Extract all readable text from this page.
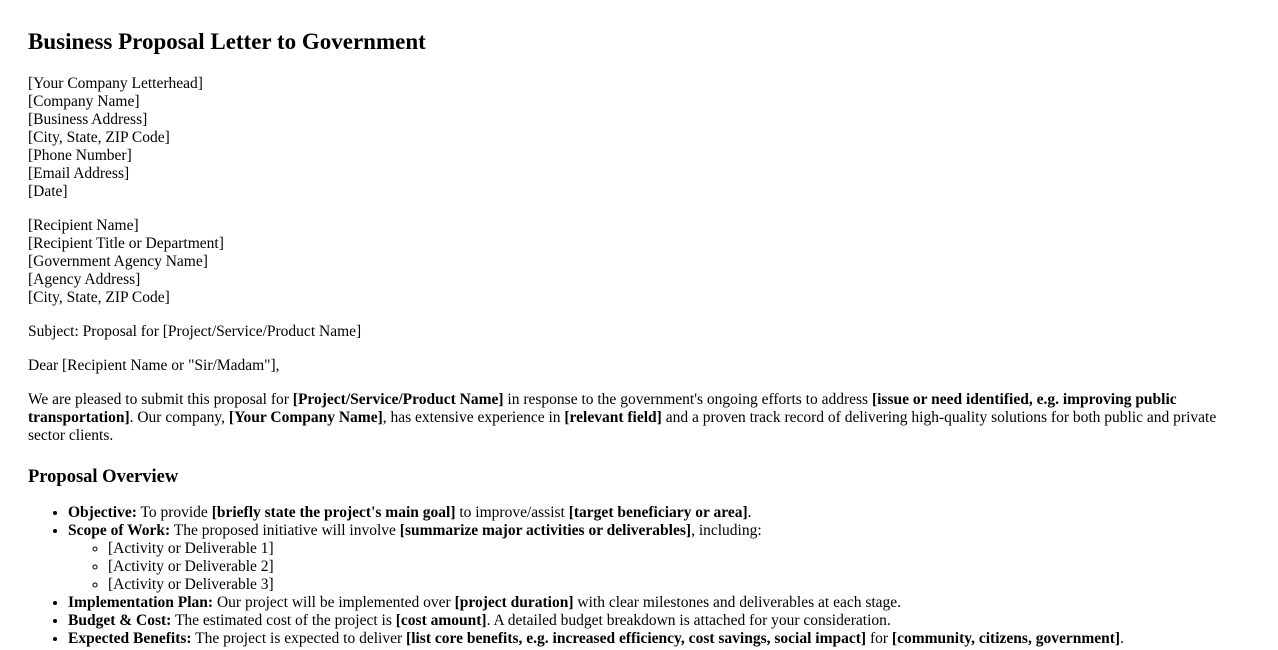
Business Proposal Letter to Government
[Your Company Letterhead]
[Company Name]
[Business Address]
[City, State, ZIP Code]
[Phone Number]
[Email Address]
[Date]
[Recipient Name]
[Recipient Title or Department]
[Government Agency Name]
[Agency Address]
[City, State, ZIP Code]
Subject: Proposal for [Project/Service/Product Name]
Dear [Recipient Name or "Sir/Madam"],

We are pleased to submit this proposal for [Project/Service/Product Name] in response to the government's ongoing efforts to address [issue or need identified, e.g. improving public transportation]. Our company, [Your Company Name], has extensive experience in [relevant field] and a proven track record of delivering high-quality solutions for both public and private sector clients.

Proposal Overview
• Objective: To provide [briefly state the project's main goal] to improve/assist [target beneficiary or area].
• Scope of Work: The proposed initiative will involve [summarize major activities or deliverables], including:
◦ [Activity or Deliverable 1]
◦ [Activity or Deliverable 2]
◦ [Activity or Deliverable 3]
• Implementation Plan: Our project will be implemented over [project duration] with clear milestones and deliverables at each stage.
• Budget & Cost: The estimated cost of the project is [cost amount]. A detailed budget breakdown is attached for your consideration.
• Expected Benefits: The project is expected to deliver [list core benefits, e.g. increased efficiency, cost savings, social impact] for [community, citizens, government].
